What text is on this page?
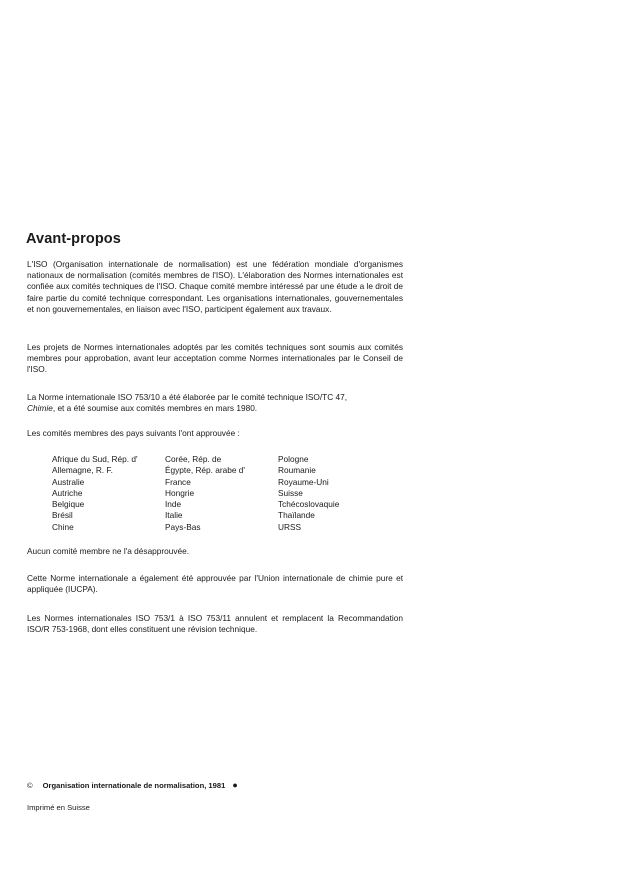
Avant-propos

L'ISO (Organisation internationale de normalisation) est une fédération mondiale d'organismes nationaux de normalisation (comités membres de l'ISO). L'élaboration des Normes internationales est confiée aux comités techniques de l'ISO. Chaque comité membre intéressé par une étude a le droit de faire partie du comité technique correspondant. Les organisations internationales, gouvernementales et non gouvernementales, en liaison avec l'ISO, participent également aux travaux.

Les projets de Normes internationales adoptés par les comités techniques sont soumis aux comités membres pour approbation, avant leur acceptation comme Normes internationales par le Conseil de l'ISO.

La Norme internationale ISO 753/10 a été élaborée par le comité technique ISO/TC 47,
Chimie, et a été soumise aux comités membres en mars 1980.

Les comités membres des pays suivants l'ont approuvée :

Afrique du Sud, Rép. d'
Allemagne, R. F.
Australie
Autriche
Belgique
Brésil
Chine
Corée, Rép. de
Égypte, Rép. arabe d'
France
Hongrie
Inde
Italie
Pays-Bas
Pologne
Roumanie
Royaume-Uni
Suisse
Tchécoslovaquie
Thaïlande
URSS

Aucun comité membre ne l'a désapprouvée.

Cette Norme internationale a également été approuvée par l'Union internationale de chimie pure et appliquée (IUCPA).

Les Normes internationales ISO 753/1 à ISO 753/11 annulent et remplacent la Recommandation ISO/R 753-1968, dont elles constituent une révision technique.

© Organisation internationale de normalisation, 1981 ●
Imprimé en Suisse
